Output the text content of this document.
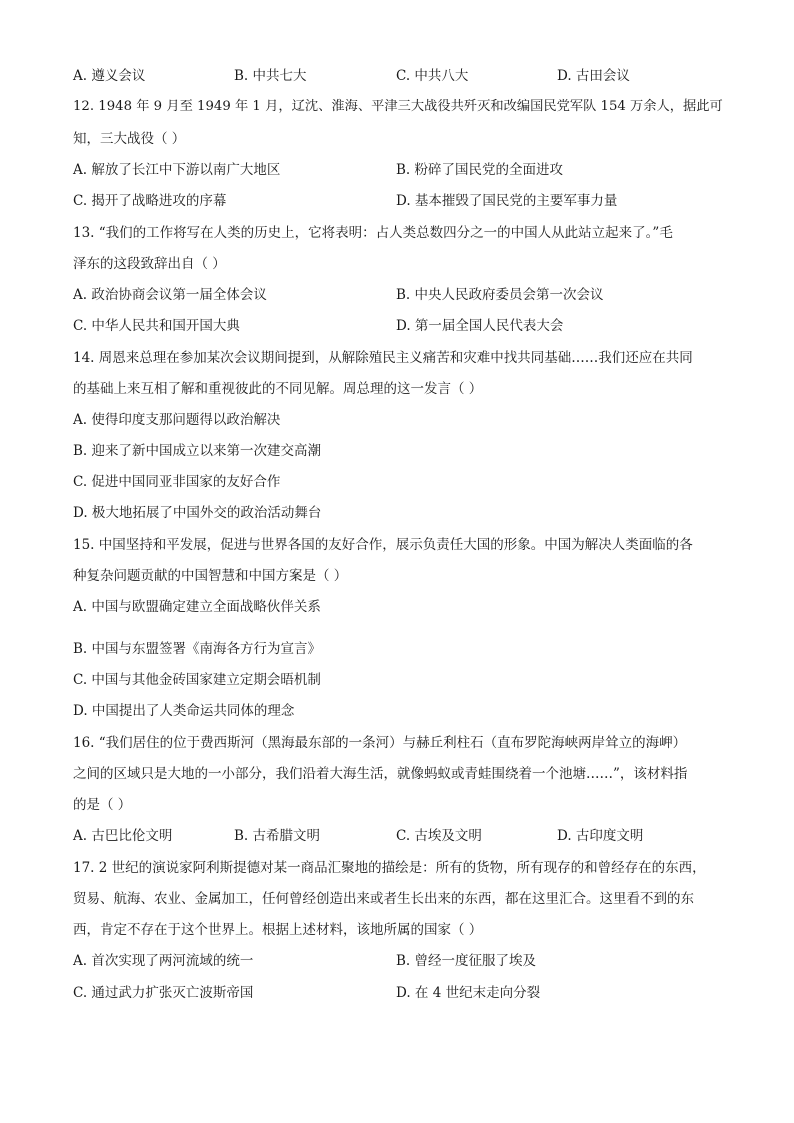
A. 遵义会议	B. 中共七大	C. 中共八大	D. 古田会议
12. 1948 年 9 月至 1949 年 1 月，辽沈、淮海、平津三大战役共歼灭和改编国民党军队 154 万余人，据此可
知，三大战役（ ）
A. 解放了长江中下游以南广大地区	B. 粉碎了国民党的全面进攻
C. 揭开了战略进攻的序幕	D. 基本摧毁了国民党的主要军事力量
13. “我们的工作将写在人类的历史上，它将表明：占人类总数四分之一的中国人从此站立起来了。”毛
泽东的这段致辞出自（ ）
A. 政治协商会议第一届全体会议	B. 中央人民政府委员会第一次会议
C. 中华人民共和国开国大典	D. 第一届全国人民代表大会
14. 周恩来总理在参加某次会议期间提到，从解除殖民主义痛苦和灾难中找共同基础……我们还应在共同
的基础上来互相了解和重视彼此的不同见解。周总理的这一发言（ ）
A. 使得印度支那问题得以政治解决
B. 迎来了新中国成立以来第一次建交高潮
C. 促进中国同亚非国家的友好合作
D. 极大地拓展了中国外交的政治活动舞台
15. 中国坚持和平发展，促进与世界各国的友好合作，展示负责任大国的形象。中国为解决人类面临的各
种复杂问题贡献的中国智慧和中国方案是（ ）
A. 中国与欧盟确定建立全面战略伙伴关系
B. 中国与东盟签署《南海各方行为宣言》
C. 中国与其他金砖国家建立定期会晤机制
D. 中国提出了人类命运共同体的理念
16. “我们居住的位于费西斯河（黑海最东部的一条河）与赫丘利柱石（直布罗陀海峡两岸耸立的海岬）
之间的区域只是大地的一小部分，我们沿着大海生活，就像蚂蚁或青蛙围绕着一个池塘……”，该材料指
的是（ ）
A. 古巴比伦文明	B. 古希腊文明	C. 古埃及文明	D. 古印度文明
17. 2 世纪的演说家阿利斯提德对某一商品汇聚地的描绘是：所有的货物，所有现存的和曾经存在的东西，
贸易、航海、农业、金属加工，任何曾经创造出来或者生长出来的东西，都在这里汇合。这里看不到的东
西，肯定不存在于这个世界上。根据上述材料，该地所属的国家（ ）
A. 首次实现了两河流域的统一	B. 曾经一度征服了埃及
C. 通过武力扩张灭亡波斯帝国	D. 在 4 世纪末走向分裂
